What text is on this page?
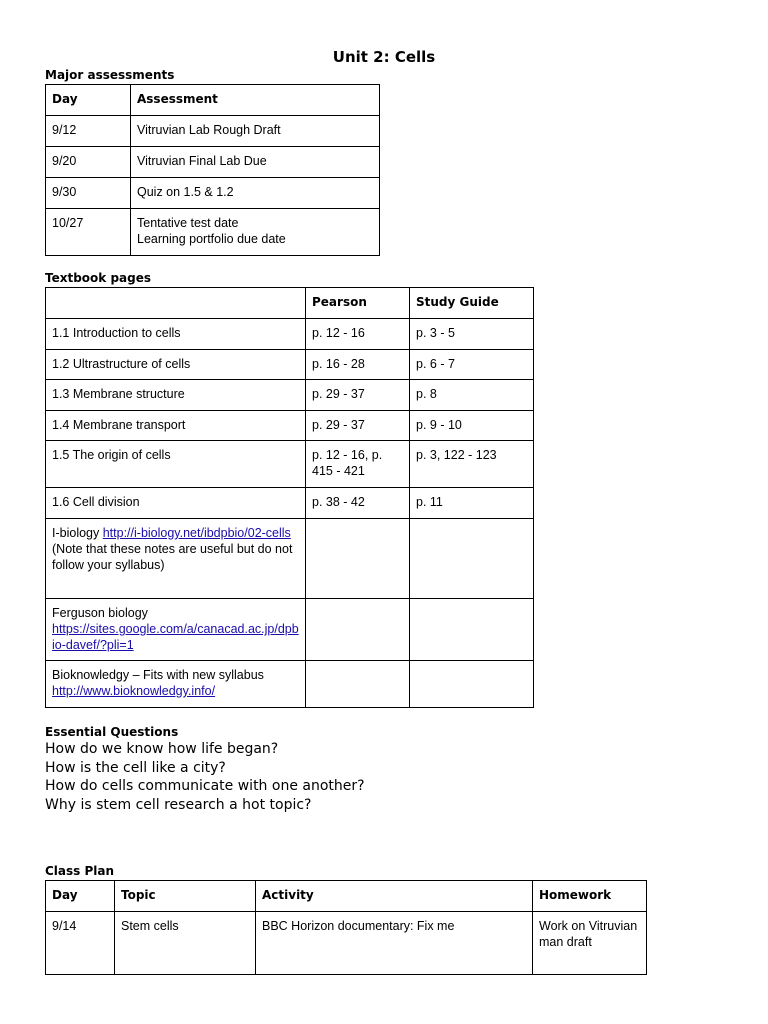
Unit 2: Cells
Major assessments
Day	Assessment
9/12	Vitruvian Lab Rough Draft
9/20	Vitruvian Final Lab Due
9/30	Quiz on 1.5 & 1.2
10/27	Tentative test date
Learning portfolio due date
Textbook pages
	Pearson	Study Guide
1.1 Introduction to cells	p. 12 - 16	p. 3 - 5
1.2 Ultrastructure of cells	p. 16 - 28	p. 6 - 7
1.3 Membrane structure	p. 29 - 37	p. 8
1.4 Membrane transport	p. 29 - 37	p. 9 - 10
1.5 The origin of cells	p. 12 - 16, p. 415 - 421	p. 3, 122 - 123
1.6 Cell division	p. 38 - 42	p. 11
I-biology http://i-biology.net/ibdpbio/02-cells
(Note that these notes are useful but do not follow your syllabus)		
Ferguson biology
https://sites.google.com/a/canacad.ac.jp/dpbio-davef/?pli=1		
Bioknowledgy – Fits with new syllabus
http://www.bioknowledgy.info/		
Essential Questions
How do we know how life began?
How is the cell like a city?
How do cells communicate with one another?
Why is stem cell research a hot topic?
Class Plan
Day	Topic	Activity	Homework
9/14	Stem cells	BBC Horizon documentary: Fix me	Work on Vitruvian man draft
